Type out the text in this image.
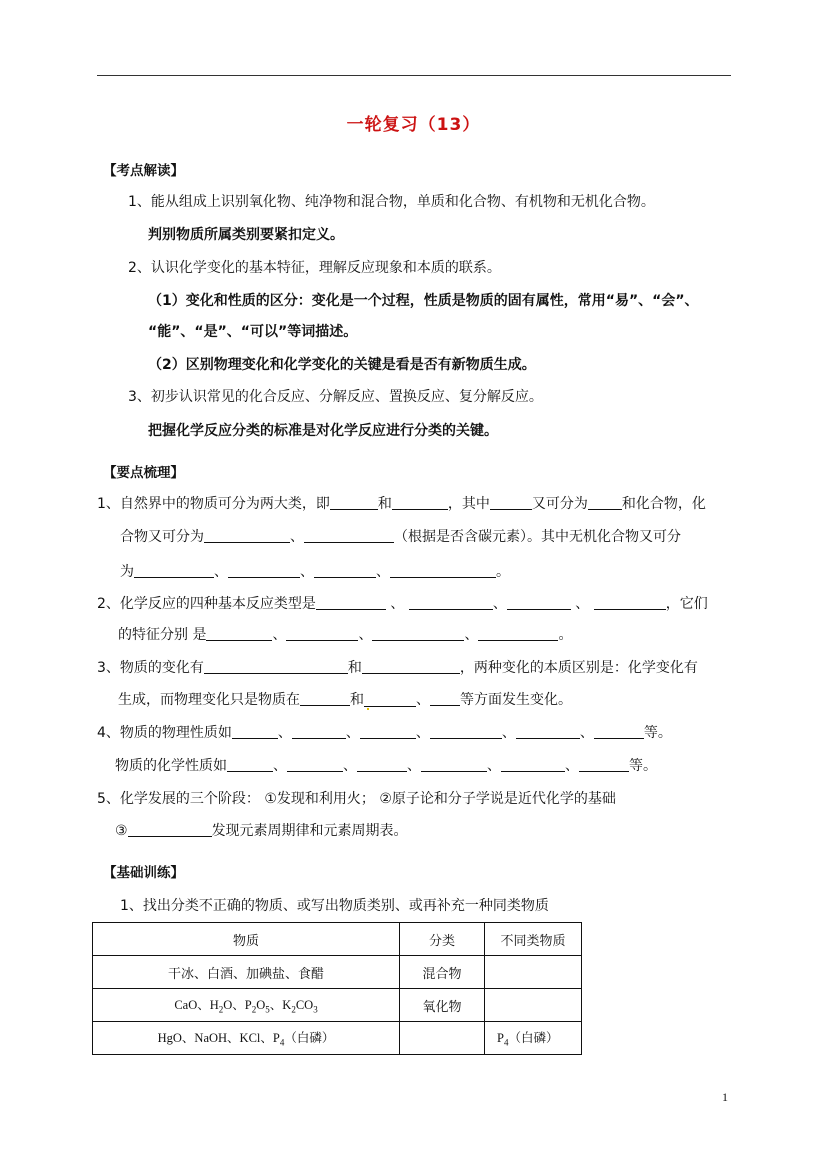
一轮复习（13）
【考点解读】
1、能从组成上识别氧化物、纯净物和混合物，单质和化合物、有机物和无机化合物。
判别物质所属类别要紧扣定义。
2、认识化学变化的基本特征，理解反应现象和本质的联系。
（1）变化和性质的区分：变化是一个过程，性质是物质的固有属性，常用“易”、“会”、
“能”、“是”、“可以”等词描述。
（2）区别物理变化和化学变化的关键是看是否有新物质生成。
3、初步认识常见的化合反应、分解反应、置换反应、复分解反应。
把握化学反应分类的标准是对化学反应进行分类的关键。
【要点梳理】
1、自然界中的物质可分为两大类，即	和	，其中	又可分为 和化合物，化
合物又可分为	、	（根据是否含碳元素）。其中无机化合物又可分
为	、	、	、	。
2、化学反应的四种基本反应类型是	、	、	、	，它们
的特征分别 是	、	、	、	。
3、物质的变化有	和	，两种变化的本质区别是：化学变化有
生成，而物理变化只是物质在	和	、 等方面发生变化。
4、物质的物理性质如	、	、	、	、	、	等。
物质的化学性质如	、	、	、	、	、	等。
5、化学发展的三个阶段： ①发现和利用火； ②原子论和分子学说是近代化学的基础
③	发现元素周期律和元素周期表。
【基础训练】
1、找出分类不正确的物质、或写出物质类别、或再补充一种同类物质
物质	分类	不同类物质
干冰、白酒、加碘盐、食醋	混合物	
CaO、$H_2O$、$P_2O_5$、$K_2CO_3$	氧化物	
HgO、NaOH、KCl、$P_4$（白磷）		$P_4$（白磷）
1
